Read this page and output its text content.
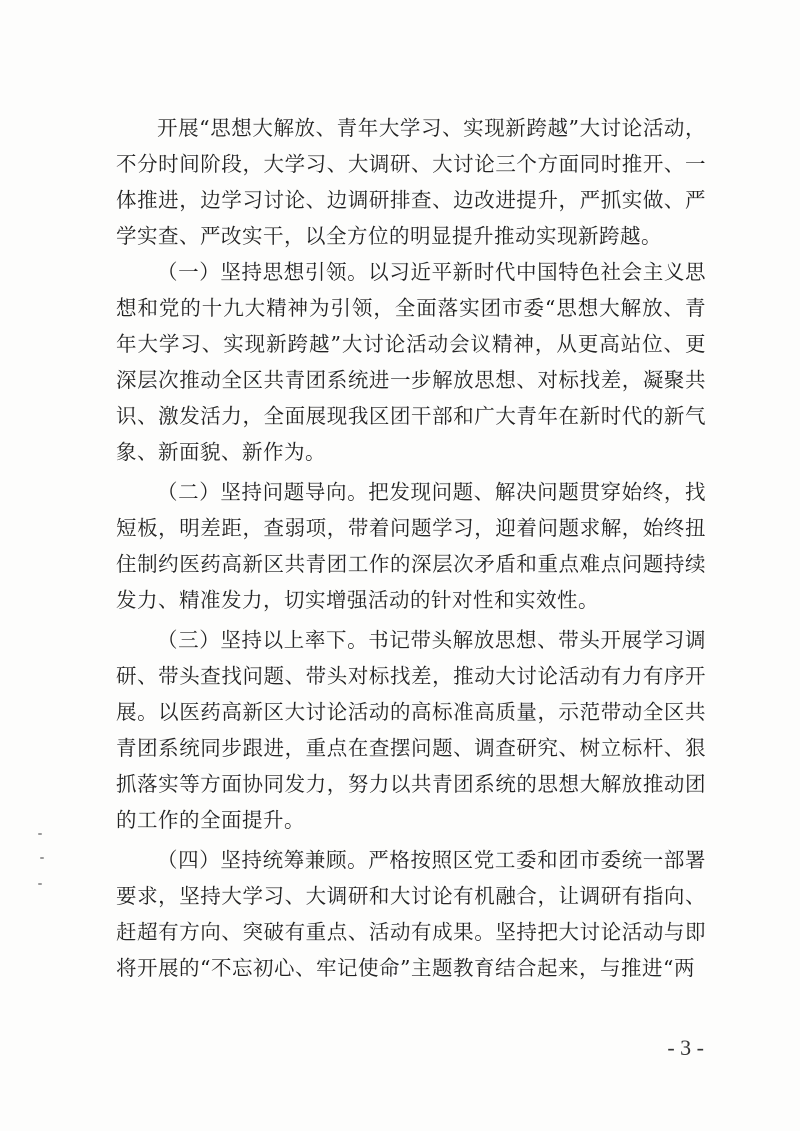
开展“思想大解放、青年大学习、实现新跨越”大讨论活动，不分时间阶段，大学习、大调研、大讨论三个方面同时推开、一体推进，边学习讨论、边调研排查、边改进提升，严抓实做、严学实查、严改实干，以全方位的明显提升推动实现新跨越。

（一）坚持思想引领。以习近平新时代中国特色社会主义思想和党的十九大精神为引领，全面落实团市委“思想大解放、青年大学习、实现新跨越”大讨论活动会议精神，从更高站位、更深层次推动全区共青团系统进一步解放思想、对标找差，凝聚共识、激发活力，全面展现我区团干部和广大青年在新时代的新气象、新面貌、新作为。

（二）坚持问题导向。把发现问题、解决问题贯穿始终，找短板，明差距，查弱项，带着问题学习，迎着问题求解，始终扭住制约医药高新区共青团工作的深层次矛盾和重点难点问题持续发力、精准发力，切实增强活动的针对性和实效性。

（三）坚持以上率下。书记带头解放思想、带头开展学习调研、带头查找问题、带头对标找差，推动大讨论活动有力有序开展。以医药高新区大讨论活动的高标准高质量，示范带动全区共青团系统同步跟进，重点在查摆问题、调查研究、树立标杆、狠抓落实等方面协同发力，努力以共青团系统的思想大解放推动团的工作的全面提升。

（四）坚持统筹兼顾。严格按照区党工委和团市委统一部署要求，坚持大学习、大调研和大讨论有机融合，让调研有指向、赶超有方向、突破有重点、活动有成果。坚持把大讨论活动与即将开展的“不忘初心、牢记使命”主题教育结合起来，与推进“两

- 3 -
